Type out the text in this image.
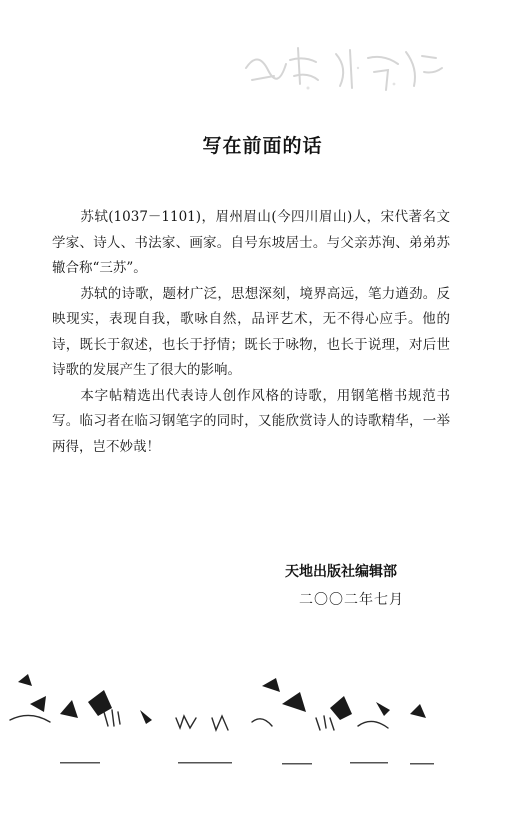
写在前面的话

苏轼(1037－1101)，眉州眉山(今四川眉山)人，宋代著名文学家、诗人、书法家、画家。自号东坡居士。与父亲苏洵、弟弟苏辙合称“三苏”。

苏轼的诗歌，题材广泛，思想深刻，境界高远，笔力遒劲。反映现实，表现自我，歌咏自然，品评艺术，无不得心应手。他的诗，既长于叙述，也长于抒情；既长于咏物，也长于说理，对后世诗歌的发展产生了很大的影响。

本字帖精选出代表诗人创作风格的诗歌，用钢笔楷书规范书写。临习者在临习钢笔字的同时，又能欣赏诗人的诗歌精华，一举两得，岂不妙哉！

天地出版社编辑部
二〇〇二年七月
